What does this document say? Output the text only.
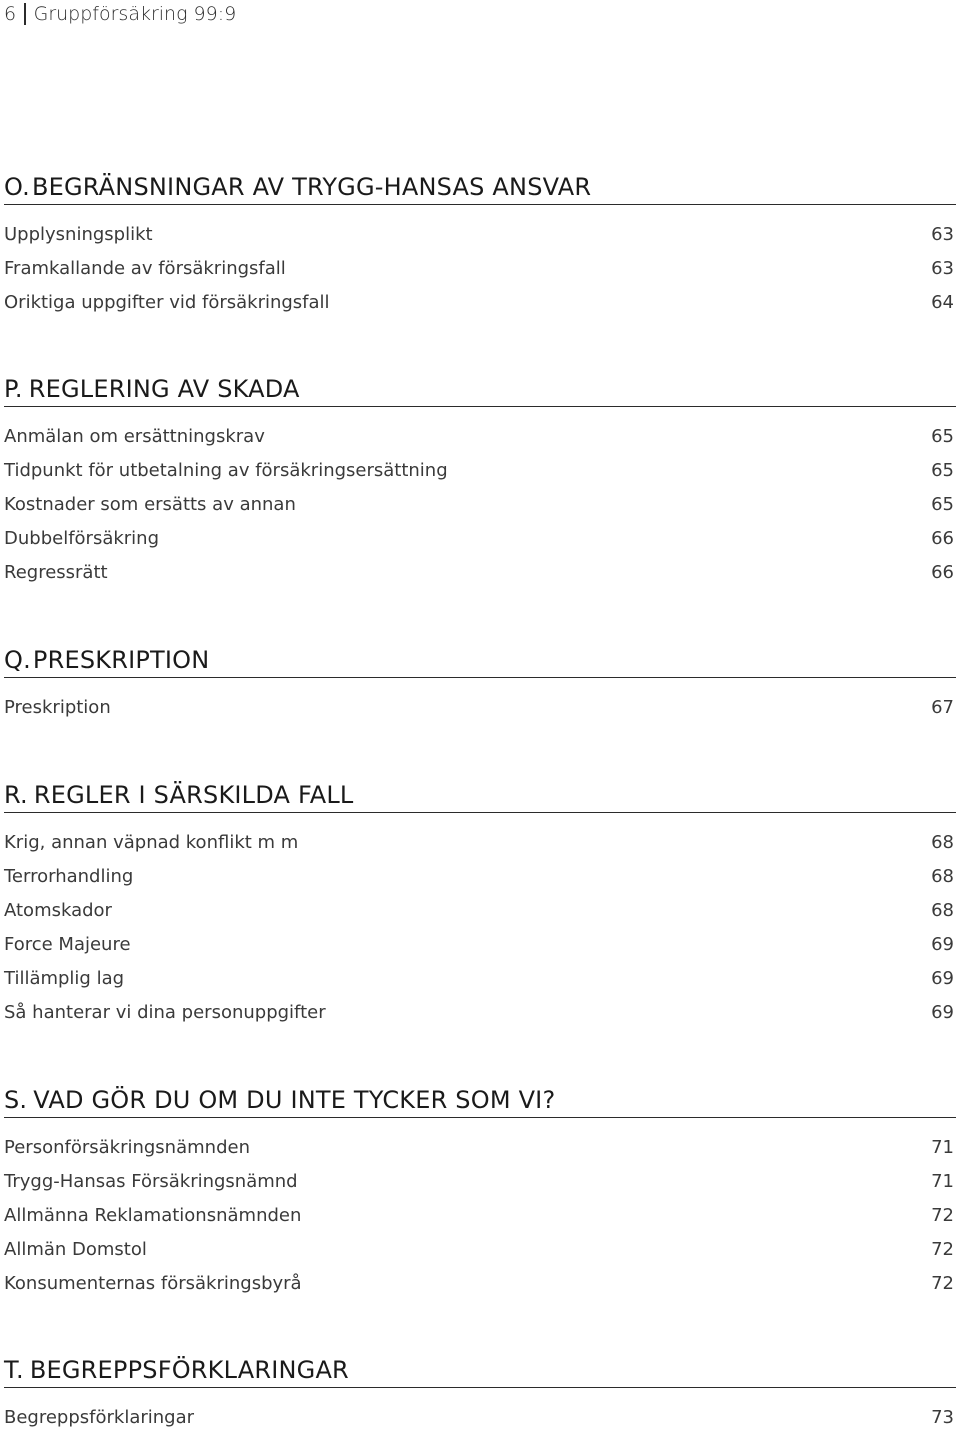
6 Gruppförsäkring 99:9
O.BEGRÄNSNINGAR AV TRYGG-HANSAS ANSVAR
Upplysningsplikt	63
Framkallande av försäkringsfall	63
Oriktiga uppgifter vid försäkringsfall	64
P. REGLERING AV SKADA
Anmälan om ersättningskrav	65
Tidpunkt för utbetalning av försäkringsersättning	65
Kostnader som ersätts av annan	65
Dubbelförsäkring	66
Regressrätt	66
Q.PRESKRIPTION
Preskription	67
R. REGLER I SÄRSKILDA FALL
Krig, annan väpnad konflikt m m	68
Terrorhandling	68
Atomskador	68
Force Majeure	69
Tillämplig lag	69
Så hanterar vi dina personuppgifter	69
S. VAD GÖR DU OM DU INTE TYCKER SOM VI?
Personförsäkringsnämnden	71
Trygg-Hansas Försäkringsnämnd	71
Allmänna Reklamationsnämnden	72
Allmän Domstol	72
Konsumenternas försäkringsbyrå	72
T. BEGREPPSFÖRKLARINGAR
Begreppsförklaringar	73
